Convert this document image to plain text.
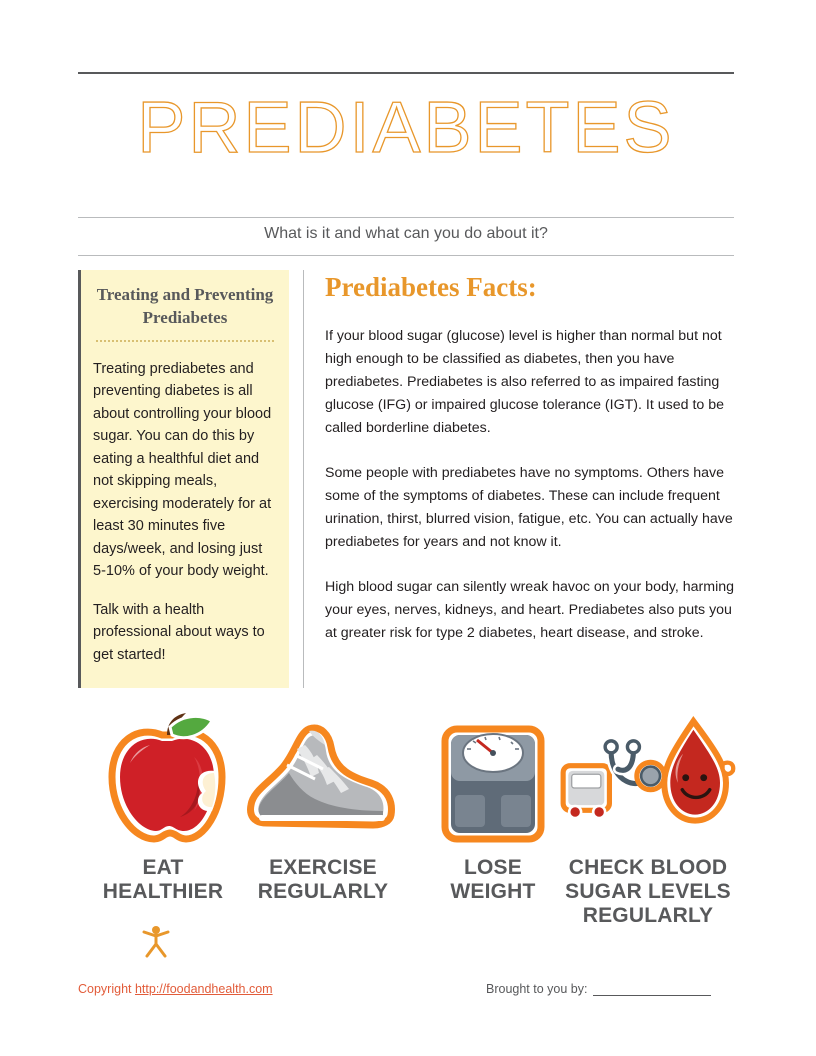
PREDIABETES
What is it and what can you do about it?
Treating and Preventing Prediabetes

Treating prediabetes and preventing diabetes is all about controlling your blood sugar. You can do this by eating a healthful diet and not skipping meals, exercising moderately for at least 30 minutes five days/week, and losing just 5-10% of your body weight.

Talk with a health professional about ways to get started!

Prediabetes Facts:

If your blood sugar (glucose) level is higher than normal but not high enough to be classified as diabetes, then you have prediabetes. Prediabetes is also referred to as impaired fasting glucose (IFG) or impaired glucose tolerance (IGT). It used to be called borderline diabetes.

Some people with prediabetes have no symptoms. Others have some of the symptoms of diabetes. These can include frequent urination, thirst, blurred vision, fatigue, etc. You can actually have prediabetes for years and not know it.

High blood sugar can silently wreak havoc on your body, harming your eyes, nerves, kidneys, and heart. Prediabetes also puts you at greater risk for type 2 diabetes, heart disease, and stroke.

EAT
HEALTHIER
EXERCISE
REGULARLY
LOSE
WEIGHT
CHECK BLOOD
SUGAR LEVELS
REGULARLY
Copyright http://foodandhealth.com	Brought to you by:
